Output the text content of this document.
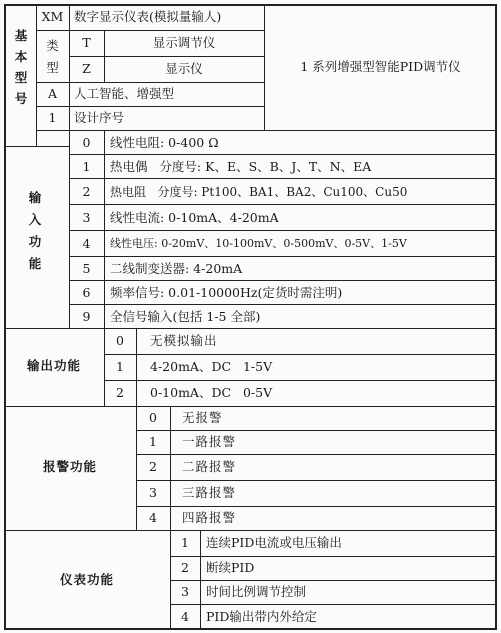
基
本
型
号
XM 数字显示仪表(模拟量输人)
类
型
T	显示调节仪
Z	显示仪
A	人工智能、增强型
1	设计序号
1 系列增强型智能PID调节仪
输
入
功
能
0	线性电阻: 0-400 Ω
1	热电偶   分度号: K、E、S、B、J、T、N、EA
2	热电阻   分度号: Pt100、BA1、BA2、Cu100、Cu50
3	线性电流: 0-10mA、4-20mA
4	线性电压: 0-20mV、10-100mV、0-500mV、0-5V、1-5V
5	二线制变送器: 4-20mA
6	频率信号: 0.01-10000Hz(定货时需注明)
9	全信号输入(包括 1-5 全部)
输出功能
0	无模拟输出
1	4-20mA、DC   1-5V
2	0-10mA、DC   0-5V
报警功能
0	无报警
1	一路报警
2	二路报警
3	三路报警
4	四路报警
仪表功能
1	连续PID电流或电压输出
2	断续PID
3	时间比例调节控制
4	PID输出带内外给定
